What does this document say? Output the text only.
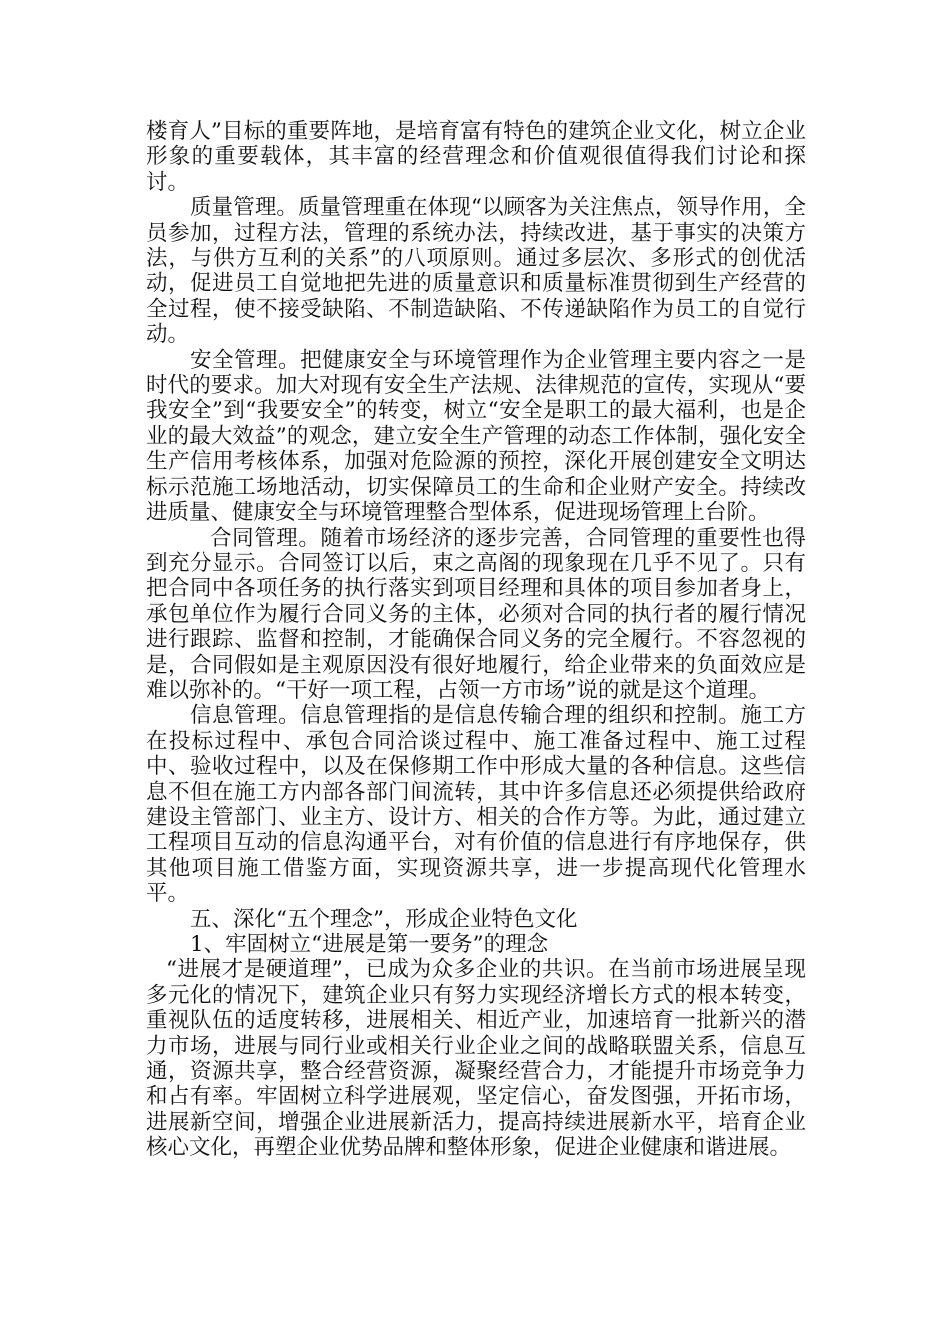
楼育人”目标的重要阵地，是培育富有特色的建筑企业文化，树立企业形象的重要载体，其丰富的经营理念和价值观很值得我们讨论和探讨。

质量管理。质量管理重在体现“以顾客为关注焦点，领导作用，全员参加，过程方法，管理的系统办法，持续改进，基于事实的决策方法，与供方互利的关系”的八项原则。通过多层次、多形式的创优活动，促进员工自觉地把先进的质量意识和质量标准贯彻到生产经营的全过程，使不接受缺陷、不制造缺陷、不传递缺陷作为员工的自觉行动。

安全管理。把健康安全与环境管理作为企业管理主要内容之一是时代的要求。加大对现有安全生产法规、法律规范的宣传，实现从“要我安全”到“我要安全”的转变，树立“安全是职工的最大福利，也是企业的最大效益”的观念，建立安全生产管理的动态工作体制，强化安全生产信用考核体系，加强对危险源的预控，深化开展创建安全文明达标示范施工场地活动，切实保障员工的生命和企业财产安全。持续改进质量、健康安全与环境管理整合型体系，促进现场管理上台阶。

合同管理。随着市场经济的逐步完善，合同管理的重要性也得到充分显示。合同签订以后，束之高阁的现象现在几乎不见了。只有把合同中各项任务的执行落实到项目经理和具体的项目参加者身上，承包单位作为履行合同义务的主体，必须对合同的执行者的履行情况进行跟踪、监督和控制，才能确保合同义务的完全履行。不容忽视的是，合同假如是主观原因没有很好地履行，给企业带来的负面效应是难以弥补的。“干好一项工程，占领一方市场”说的就是这个道理。

信息管理。信息管理指的是信息传输合理的组织和控制。施工方在投标过程中、承包合同洽谈过程中、施工准备过程中、施工过程中、验收过程中，以及在保修期工作中形成大量的各种信息。这些信息不但在施工方内部各部门间流转，其中许多信息还必须提供给政府建设主管部门、业主方、设计方、相关的合作方等。为此，通过建立工程项目互动的信息沟通平台，对有价值的信息进行有序地保存，供其他项目施工借鉴方面，实现资源共享，进一步提高现代化管理水平。

五、深化“五个理念”，形成企业特色文化

1、牢固树立“进展是第一要务”的理念

“进展才是硬道理”，已成为众多企业的共识。在当前市场进展呈现多元化的情况下，建筑企业只有努力实现经济增长方式的根本转变，重视队伍的适度转移，进展相关、相近产业，加速培育一批新兴的潜力市场，进展与同行业或相关行业企业之间的战略联盟关系，信息互通，资源共享，整合经营资源，凝聚经营合力，才能提升市场竞争力和占有率。牢固树立科学进展观，坚定信心，奋发图强，开拓市场，进展新空间，增强企业进展新活力，提高持续进展新水平，培育企业核心文化，再塑企业优势品牌和整体形象，促进企业健康和谐进展。
